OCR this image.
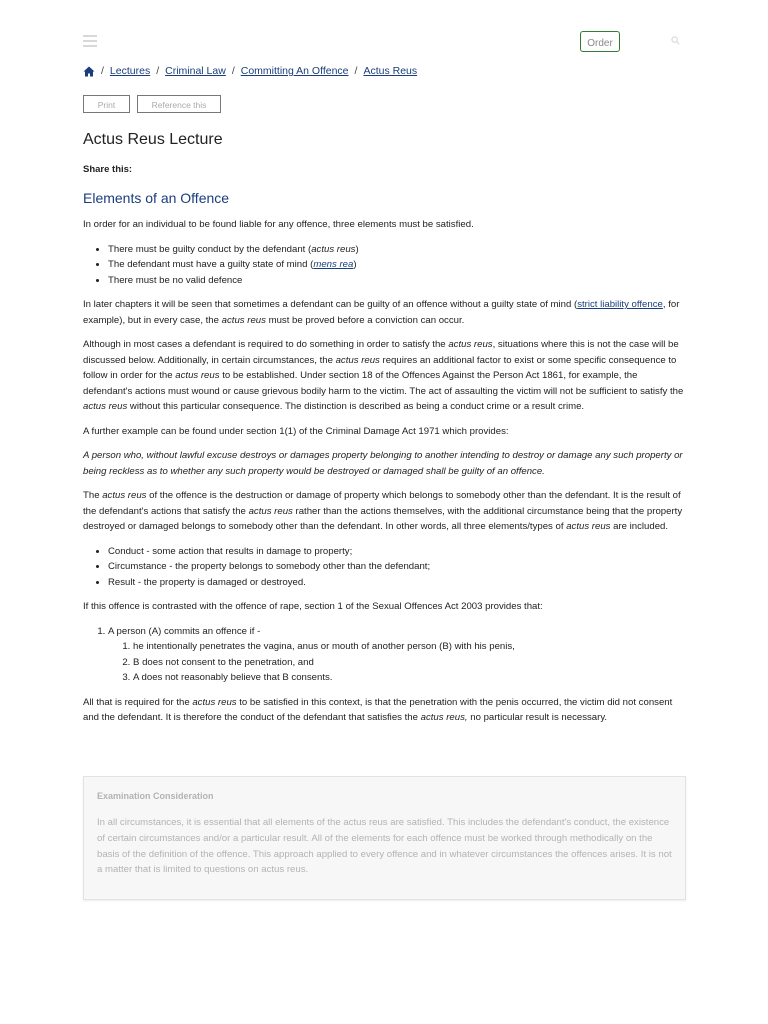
Order
/ Lectures / Criminal Law / Committing An Offence / Actus Reus
Print	Reference this
Actus Reus Lecture
Share this:
Elements of an Offence

In order for an individual to be found liable for any offence, three elements must be satisfied.

• There must be guilty conduct by the defendant (actus reus)
• The defendant must have a guilty state of mind (mens rea)
• There must be no valid defence

In later chapters it will be seen that sometimes a defendant can be guilty of an offence without a guilty state of mind (strict liability offence, for example), but in every case, the actus reus must be proved before a conviction can occur.

Although in most cases a defendant is required to do something in order to satisfy the actus reus, situations where this is not the case will be discussed below. Additionally, in certain circumstances, the actus reus requires an additional factor to exist or some specific consequence to follow in order for the actus reus to be established. Under section 18 of the Offences Against the Person Act 1861, for example, the defendant's actions must wound or cause grievous bodily harm to the victim. The act of assaulting the victim will not be sufficient to satisfy the actus reus without this particular consequence. The distinction is described as being a conduct crime or a result crime.

A further example can be found under section 1(1) of the Criminal Damage Act 1971 which provides:

A person who, without lawful excuse destroys or damages property belonging to another intending to destroy or damage any such property or being reckless as to whether any such property would be destroyed or damaged shall be guilty of an offence.

The actus reus of the offence is the destruction or damage of property which belongs to somebody other than the defendant. It is the result of the defendant's actions that satisfy the actus reus rather than the actions themselves, with the additional circumstance being that the property destroyed or damaged belongs to somebody other than the defendant. In other words, all three elements/types of actus reus are included.

• Conduct - some action that results in damage to property;
• Circumstance - the property belongs to somebody other than the defendant;
• Result - the property is damaged or destroyed.

If this offence is contrasted with the offence of rape, section 1 of the Sexual Offences Act 2003 provides that:

1. A person (A) commits an offence if -
1. he intentionally penetrates the vagina, anus or mouth of another person (B) with his penis,
2. B does not consent to the penetration, and
3. A does not reasonably believe that B consents.

All that is required for the actus reus to be satisfied in this context, is that the penetration with the penis occurred, the victim did not consent and the defendant. It is therefore the conduct of the defendant that satisfies the actus reus, no particular result is necessary.

Examination Consideration
In all circumstances, it is essential that all elements of the actus reus are satisfied. This includes the defendant's conduct, the existence of certain circumstances and/or a particular result. All of the elements for each offence must be worked through methodically on the basis of the definition of the offence. This approach applied to every offence and in whatever circumstances the offences arises. It is not a matter that is limited to questions on actus reus.
